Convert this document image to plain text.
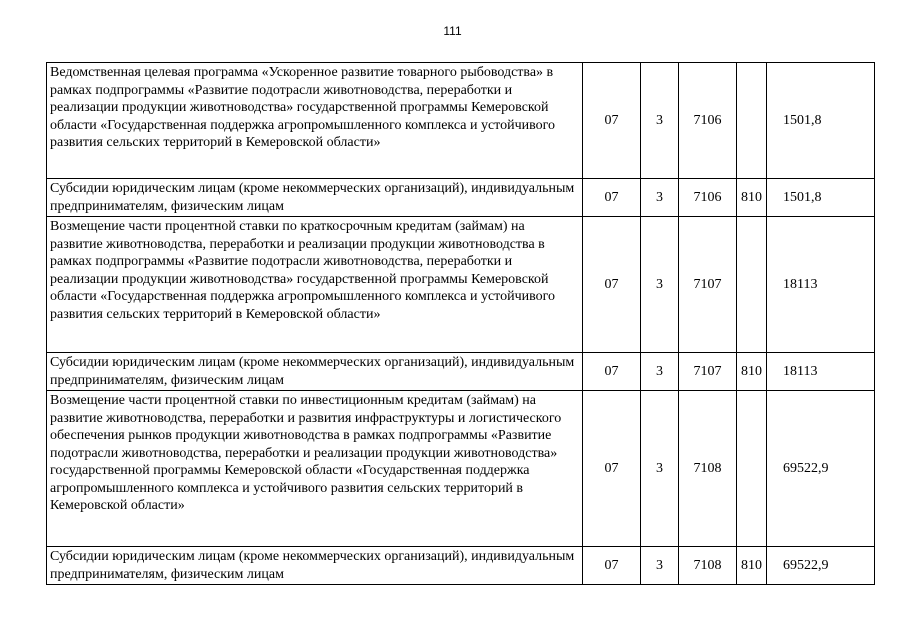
111
Ведомственная целевая программа «Ускоренное развитие товарного рыбоводства» в рамках подпрограммы «Развитие подотрасли животноводства, переработки и реализации продукции животноводства» государственной программы Кемеровской области «Государственная поддержка агропромышленного комплекса и устойчивого развития сельских территорий в Кемеровской области»	07	3	7106		1501,8
Субсидии юридическим лицам (кроме некоммерческих организаций), индивидуальным предпринимателям, физическим лицам	07	3	7106	810	1501,8
Возмещение части процентной ставки по краткосрочным кредитам (займам) на развитие животноводства, переработки и реализации продукции животноводства в рамках подпрограммы «Развитие подотрасли животноводства, переработки и реализации продукции животноводства» государственной программы Кемеровской области «Государственная поддержка агропромышленного комплекса и устойчивого развития сельских территорий в Кемеровской области»	07	3	7107		18113
Субсидии юридическим лицам (кроме некоммерческих организаций), индивидуальным предпринимателям, физическим лицам	07	3	7107	810	18113
Возмещение части процентной ставки по инвестиционным кредитам (займам) на развитие животноводства, переработки и развития инфраструктуры и логистического обеспечения рынков продукции животноводства в рамках подпрограммы «Развитие подотрасли животноводства, переработки и реализации продукции животноводства» государственной программы Кемеровской области «Государственная поддержка агропромышленного комплекса и устойчивого развития сельских территорий в Кемеровской области»	07	3	7108		69522,9
Субсидии юридическим лицам (кроме некоммерческих организаций), индивидуальным предпринимателям, физическим лицам	07	3	7108	810	69522,9
